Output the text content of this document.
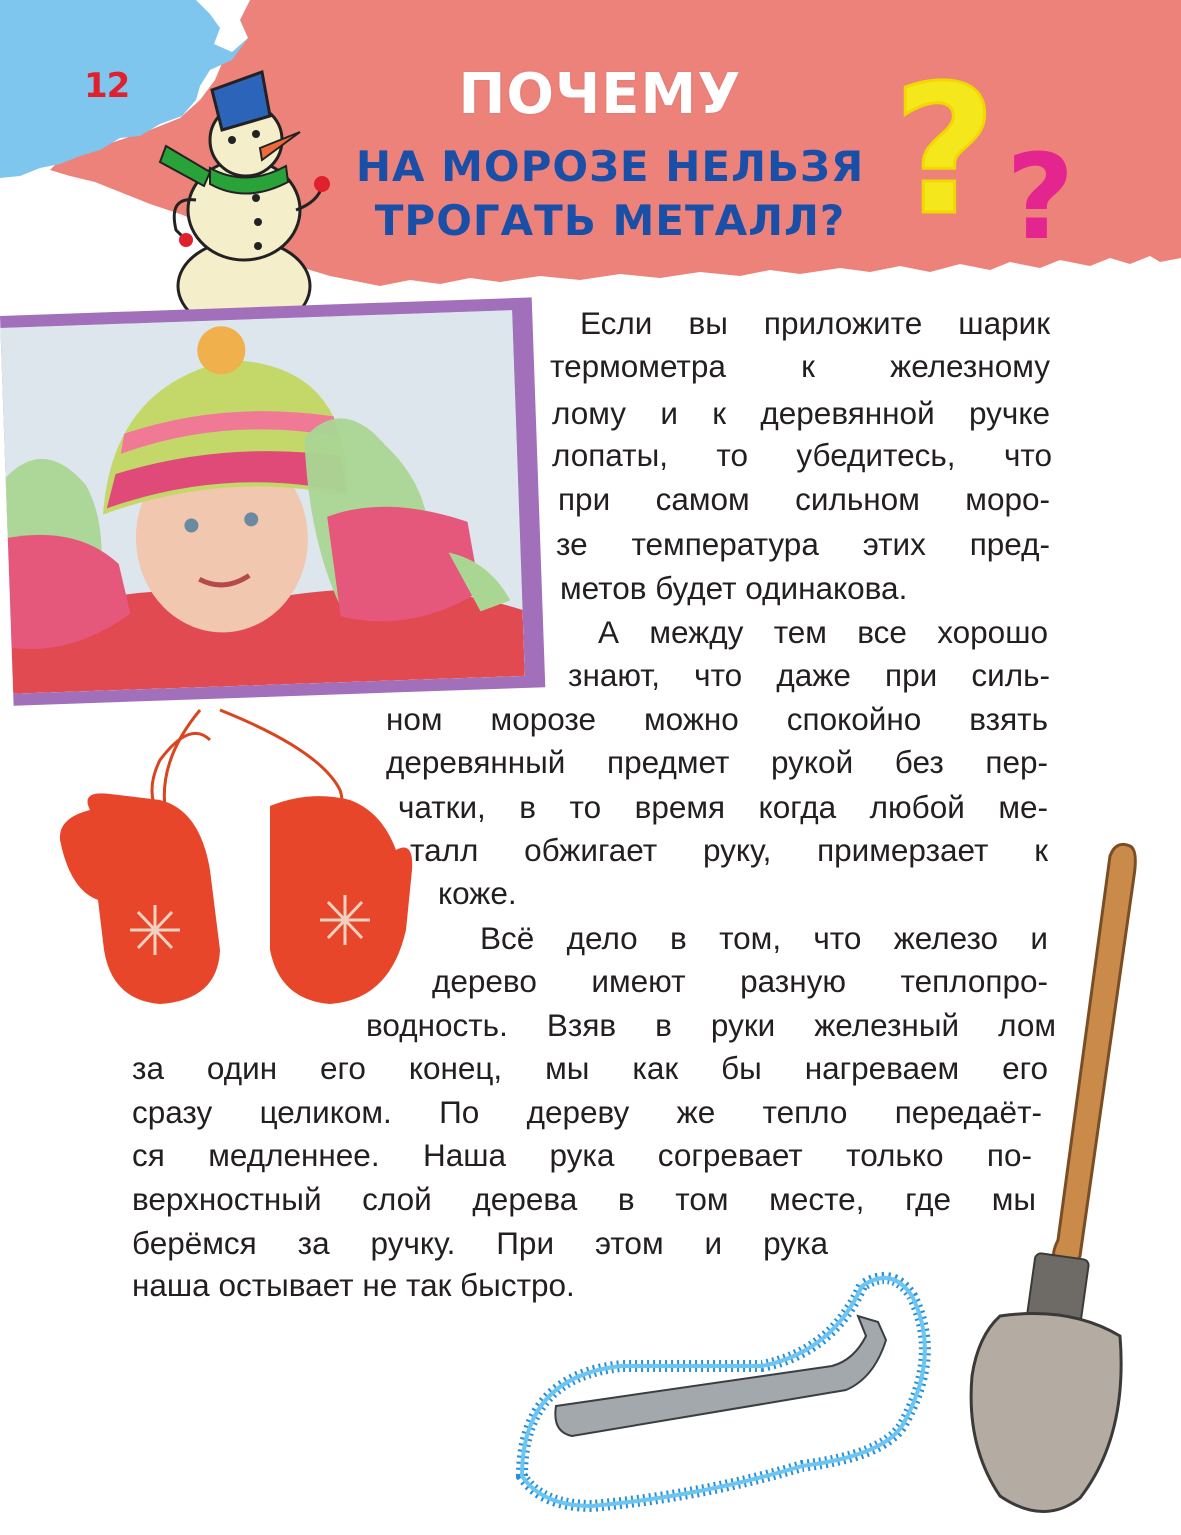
12	ПОЧЕМУ
НА МОРОЗЕ НЕЛЬЗЯ
ТРОГАТЬ МЕТАЛЛ? ? ?
Если вы приложите шарик
термометра к железному
лому и к деревянной ручке
лопаты, то убедитесь, что
при самом сильном моро-
зе температура этих пред-
метов будет одинакова.
А между тем все хорошо
знают, что даже при силь-
ном морозе можно спокойно взять
деревянный предмет рукой без пер-
чатки, в то время когда любой ме-
талл обжигает руку, примерзает к
коже.
Всё дело в том, что железо и
дерево имеют разную теплопро-
водность. Взяв в руки железный лом
за один его конец, мы как бы нагреваем его
сразу целиком. По дереву же тепло передаёт-
ся медленнее. Наша рука согревает только по-
верхностный слой дерева в том месте, где мы
берёмся за ручку. При этом и рука
наша остывает не так быстро.
